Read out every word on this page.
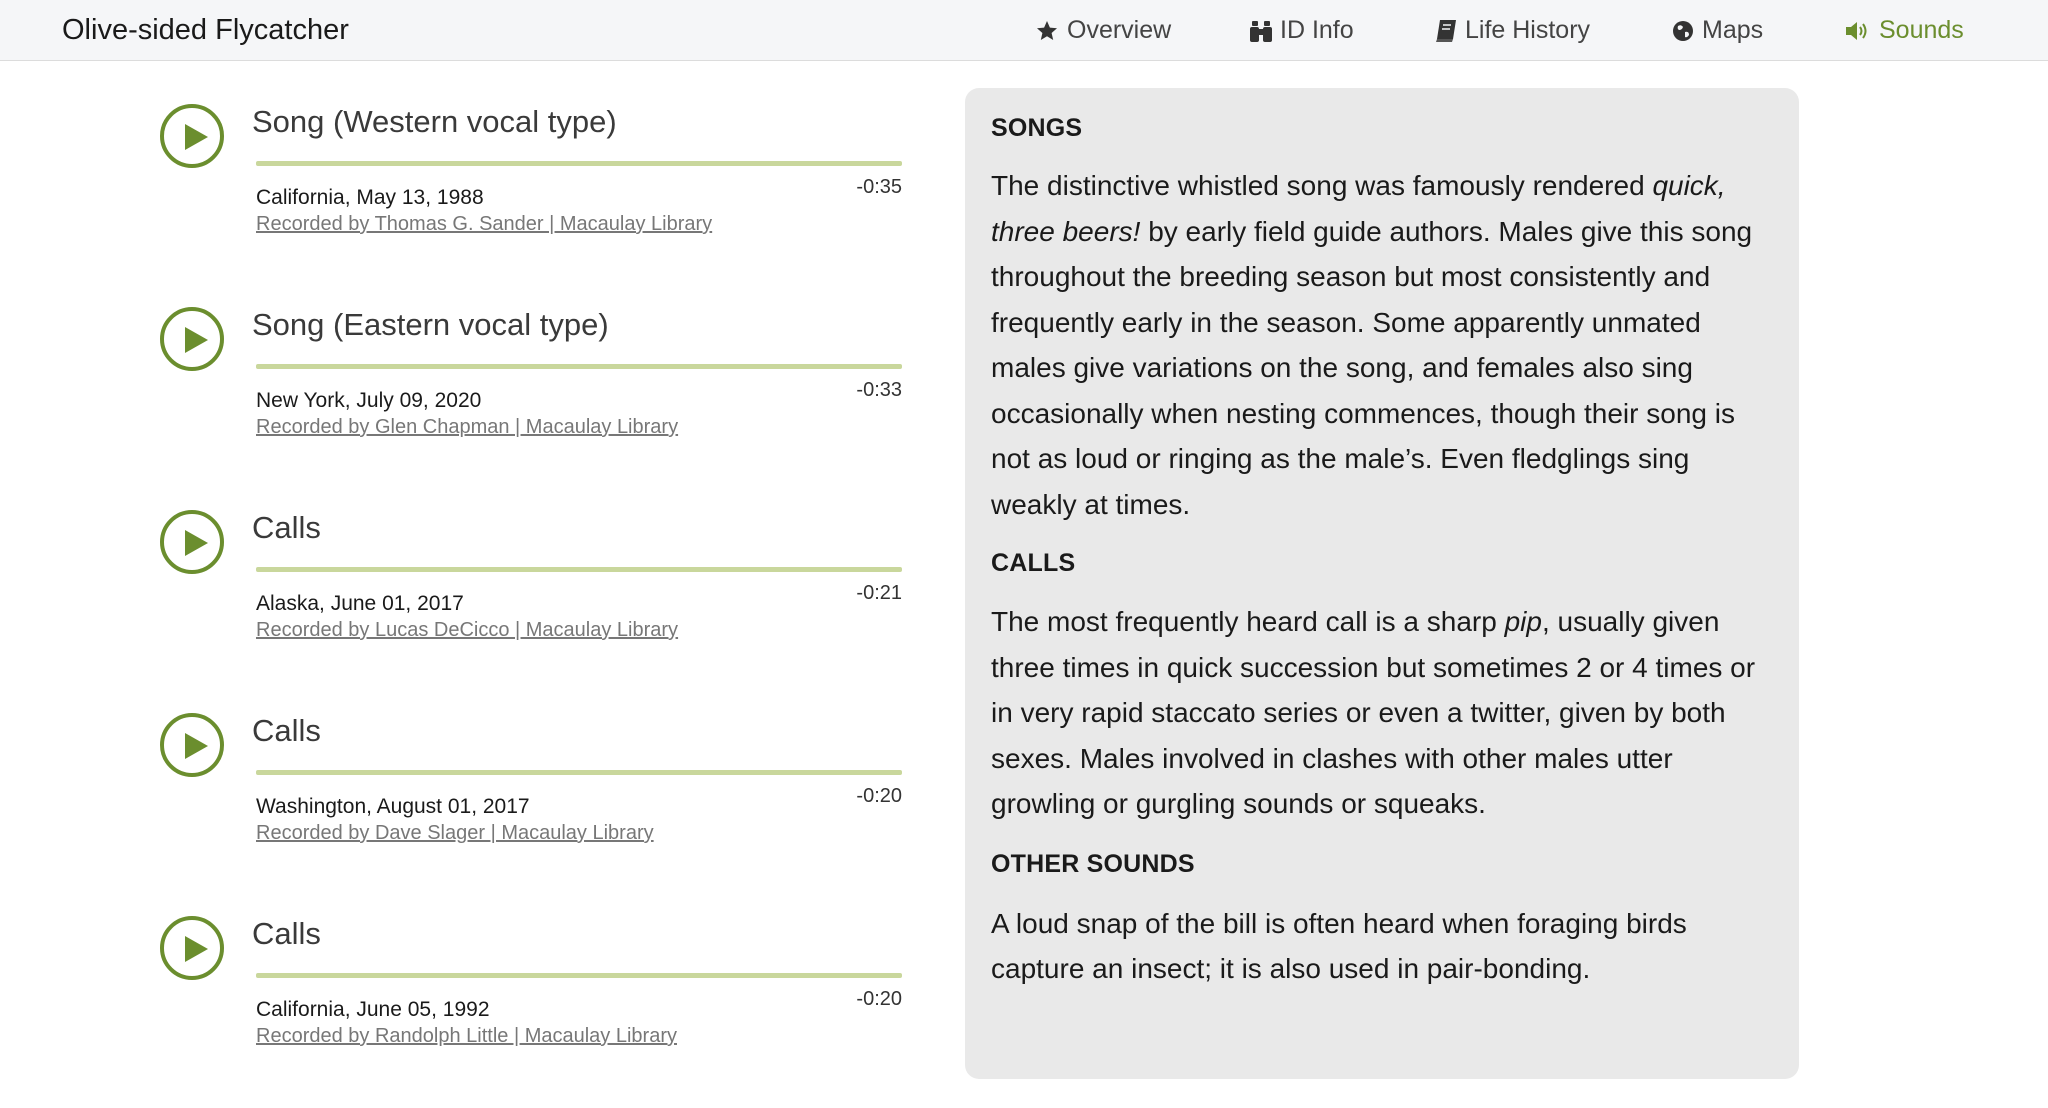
Olive-sided Flycatcher	Overview	ID Info	Life History	Maps	Sounds
Song (Western vocal type)
-0:35
California, May 13, 1988
Recorded by Thomas G. Sander | Macaulay Library
Song (Eastern vocal type)
-0:33
New York, July 09, 2020
Recorded by Glen Chapman | Macaulay Library
Calls
-0:21
Alaska, June 01, 2017
Recorded by Lucas DeCicco | Macaulay Library
Calls
-0:20
Washington, August 01, 2017
Recorded by Dave Slager | Macaulay Library
Calls
-0:20
California, June 05, 1992
Recorded by Randolph Little | Macaulay Library
SONGS

The distinctive whistled song was famously rendered quick, three beers! by early field guide authors. Males give this song throughout the breeding season but most consistently and frequently early in the season. Some apparently unmated males give variations on the song, and females also sing occasionally when nesting commences, though their song is not as loud or ringing as the male’s. Even fledglings sing weakly at times.

CALLS

The most frequently heard call is a sharp pip, usually given three times in quick succession but sometimes 2 or 4 times or in very rapid staccato series or even a twitter, given by both sexes. Males involved in clashes with other males utter growling or gurgling sounds or squeaks.

OTHER SOUNDS

A loud snap of the bill is often heard when foraging birds capture an insect; it is also used in pair-bonding.
